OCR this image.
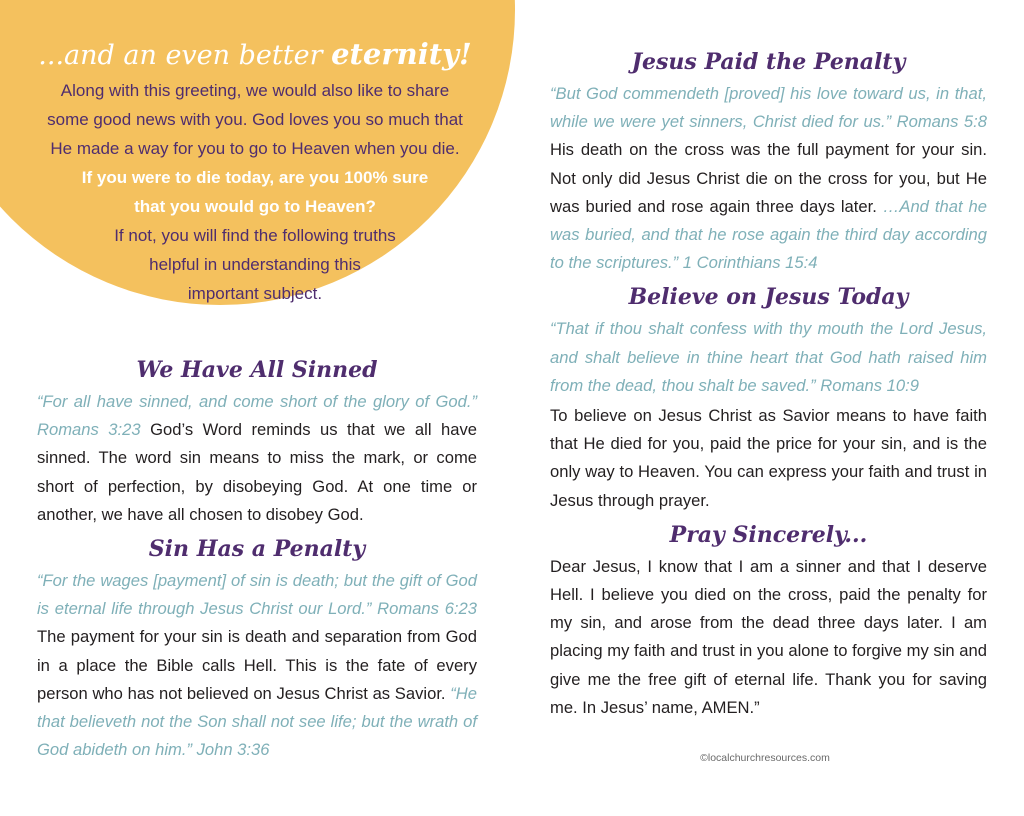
...and an even better eternity!
Along with this greeting, we would also like to share
some good news with you. God loves you so much that
He made a way for you to go to Heaven when you die.
If you were to die today, are you 100% sure
that you would go to Heaven?
If not, you will find the following truths
helpful in understanding this
important subject.
We Have All Sinned

“For all have sinned, and come short of the glory of God.” Romans 3:23 God’s Word reminds us that we all have sinned. The word sin means to miss the mark, or come short of perfection, by disobeying God. At one time or another, we have all chosen to disobey God.

Sin Has a Penalty

“For the wages [payment] of sin is death; but the gift of God is eternal life through Jesus Christ our Lord.” Romans 6:23 The payment for your sin is death and separation from God in a place the Bible calls Hell. This is the fate of every person who has not believed on Jesus Christ as Savior. “He that believeth not the Son shall not see life; but the wrath of God abideth on him.” John 3:36

Jesus Paid the Penalty

“But God commendeth [proved] his love toward us, in that, while we were yet sinners, Christ died for us.” Romans 5:8 His death on the cross was the full payment for your sin. Not only did Jesus Christ die on the cross for you, but He was buried and rose again three days later. …And that he was buried, and that he rose again the third day according to the scriptures.” 1 Corinthians 15:4

Believe on Jesus Today

“That if thou shalt confess with thy mouth the Lord Jesus, and shalt believe in thine heart that God hath raised him from the dead, thou shalt be saved.” Romans 10:9

To believe on Jesus Christ as Savior means to have faith that He died for you, paid the price for your sin, and is the only way to Heaven. You can express your faith and trust in Jesus through prayer.

Pray Sincerely...

Dear Jesus, I know that I am a sinner and that I deserve Hell. I believe you died on the cross, paid the penalty for my sin, and arose from the dead three days later. I am placing my faith and trust in you alone to forgive my sin and give me the free gift of eternal life. Thank you for saving me. In Jesus’ name, AMEN.”

©localchurchresources.com
